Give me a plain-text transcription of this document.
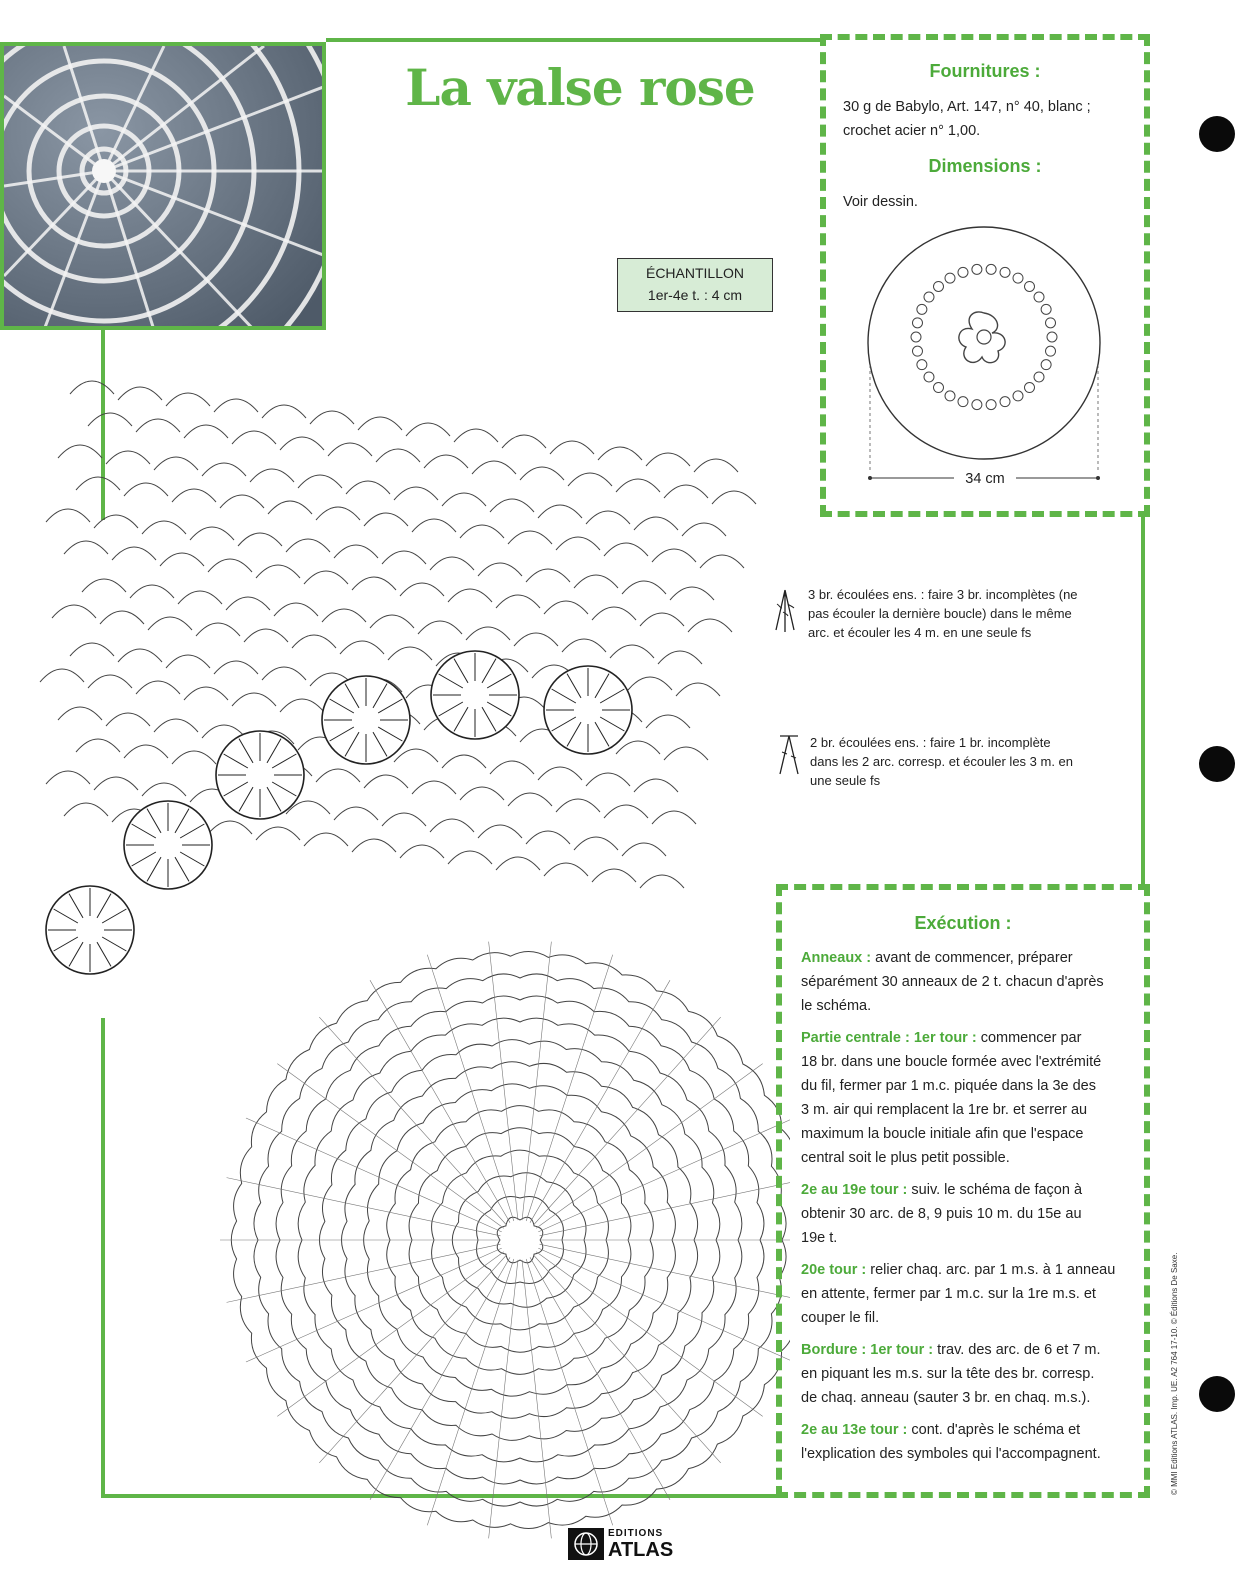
La valse rose
ÉCHANTILLON
1er-4e t. : 4 cm
Fournitures :
30 g de Babylo, Art. 147, n° 40, blanc ;
crochet acier n° 1,00.
Dimensions :
Voir dessin.
34 cm
3 br. écoulées ens. : faire 3 br. incomplètes (ne
pas écouler la dernière boucle) dans le même
arc. et écouler les 4 m. en une seule fs
2 br. écoulées ens. : faire 1 br. incomplète
dans les 2 arc. corresp. et écouler les 3 m. en
une seule fs
Exécution :
Anneaux : avant de commencer, préparer
séparément 30 anneaux de 2 t. chacun d'après
le schéma.
Partie centrale : 1er tour : commencer par
18 br. dans une boucle formée avec l'extrémité
du fil, fermer par 1 m.c. piquée dans la 3e des
3 m. air qui remplacent la 1re br. et serrer au
maximum la boucle initiale afin que l'espace
central soit le plus petit possible.
2e au 19e tour : suiv. le schéma de façon à
obtenir 30 arc. de 8, 9 puis 10 m. du 15e au
19e t.
20e tour : relier chaq. arc. par 1 m.s. à 1 anneau
en attente, fermer par 1 m.c. sur la 1re m.s. et
couper le fil.
Bordure : 1er tour : trav. des arc. de 6 et 7 m.
en piquant les m.s. sur la tête des br. corresp.
de chaq. anneau (sauter 3 br. en chaq. m.s.).
2e au 13e tour : cont. d'après le schéma et
l'explication des symboles qui l'accompagnent.	© MMI Editions ATLAS. Imp. UE. A2 764 17-10. © Éditions De Saxe.
EDITIONS
ATLAS
